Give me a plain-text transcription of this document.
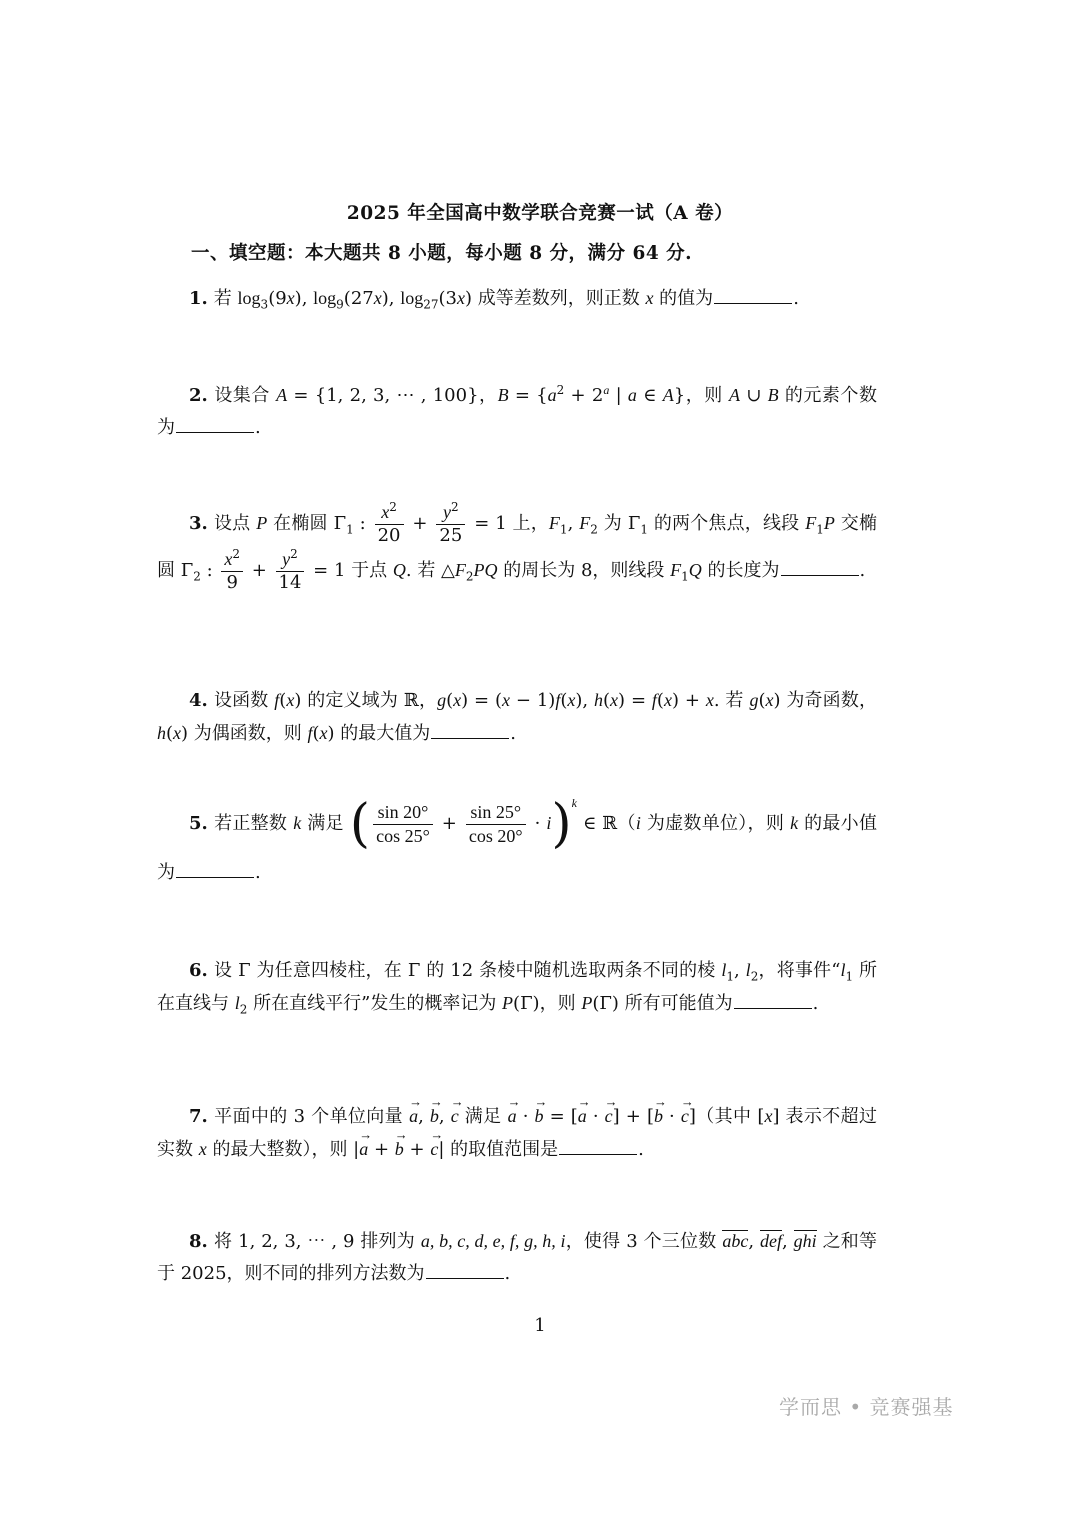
2025 年全国高中数学联合竞赛一试（A 卷）
一、填空题：本大题共 8 小题，每小题 8 分，满分 64 分.
1. 若 $\log_3(9x)$, $\log_9(27x)$, $\log_{27}(3x)$ 成等差数列，则正数 x 的值为	.
2. 设集合 A = {1, 2, 3, ⋯ , 100}，$B = \{a^2 + 2^a$ | a ∈ A}，则 A ∪ B 的元素个数为	.
3. 设点 P 在椭圆 $\Gamma_1$ : $\frac{x^2}{20} + \frac{y^2}{25} = 1$ 上，$F_1$, $F_2$ 为 $\Gamma_1$ 的两个焦点，线段 $F_1P$ 交椭圆 $\Gamma_2$ : $\frac{x^2}{9} + \frac{y^2}{14} = 1$ 于点 Q. 若 $\triangle F_2PQ$ 的周长为 8，则线段 $F_1Q$ 的长度为	.
4. 设函数 f(x) 的定义域为 ℝ，g(x) = (x − 1)f(x), h(x) = f(x) + x. 若 g(x) 为奇函数，h(x) 为偶函数，则 f(x) 的最大值为	.
5. 若正整数 k 满足 ( $\frac{\sin 20^\circ}{\cos 25^\circ} + \frac{\sin 25^\circ}{\cos 20^\circ} \cdot i)^k$ ∈ ℝ（i 为虚数单位），则 k 的最小值为	.
6. 设 Γ 为任意四棱柱，在 Γ 的 12 条棱中随机选取两条不同的棱 $l_1$, $l_2$，将事件“$l_1$ 所在直线与 $l_2$ 所在直线平行”发生的概率记为 P(Γ)，则 P(Γ) 所有可能值为	.
7. 平面中的 3 个单位向量 → a, → b, → c 满足 → a · → b = [→ a · → c] + [→ b · → c]（其中 [x] 表示不超过实数 x 的最大整数），则 |→ a + → b + → c| 的取值范围是	.
8. 将 1, 2, 3, ⋯ , 9 排列为 a, b, c, d, e, f, g, h, i，使得 3 个三位数 abc, def, ghi 之和等于 2025，则不同的排列方法数为	.
1
学而思 • 竞赛强基
